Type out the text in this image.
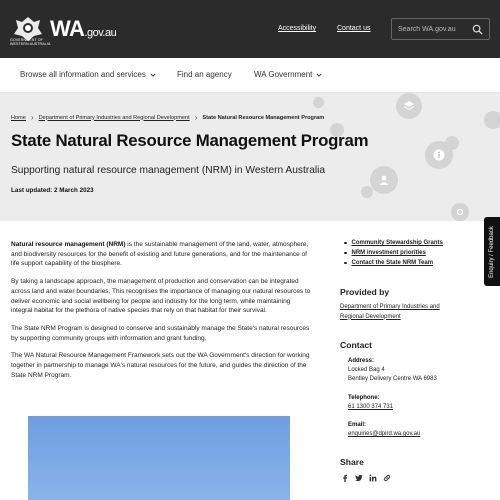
GOVERNMENT OF
WESTERN AUSTRALIA
WA.gov.au	Accessibility	Contact us
Search WA.gov.au
Browse all information and services	Find an agency	WA Government
Home › Department of Primary Industries and Regional Development › State Natural Resource Management Program
State Natural Resource Management Program
Supporting natural resource management (NRM) in Western Australia
Last updated: 2 March 2023

Natural resource management (NRM) is the sustainable management of the land, water, atmosphere, and biodiversity resources for the benefit of existing and future generations, and for the maintenance of life support capability of the biosphere.

By taking a landscape approach, the management of production and conservation can be integrated across land and water boundaries. This recognises the importance of managing our natural resources to deliver economic and social wellbeing for people and industry for the long term, while maintaining integral habitat for the plethora of native species that rely on that habitat for their survival.

The State NRM Program is designed to conserve and sustainably manage the State's natural resources by supporting community groups with information and grant funding.

The WA Natural Resource Management Framework sets out the WA Government's direction for working together in partnership to manage WA's natural resources for the future, and guides the direction of the State NRM Program.

Community Stewardship Grants
NRM investment priorities
Contact the State NRM Team
Provided by
Department of Primary Industries and Regional Development
Contact
Address:
Locked Bag 4
Bentley Delivery Centre WA 6983
Telephone:
61 1300 374 731
Email:
enquiries@dpird.wa.gov.au
Share
Enquiry / Feedback
